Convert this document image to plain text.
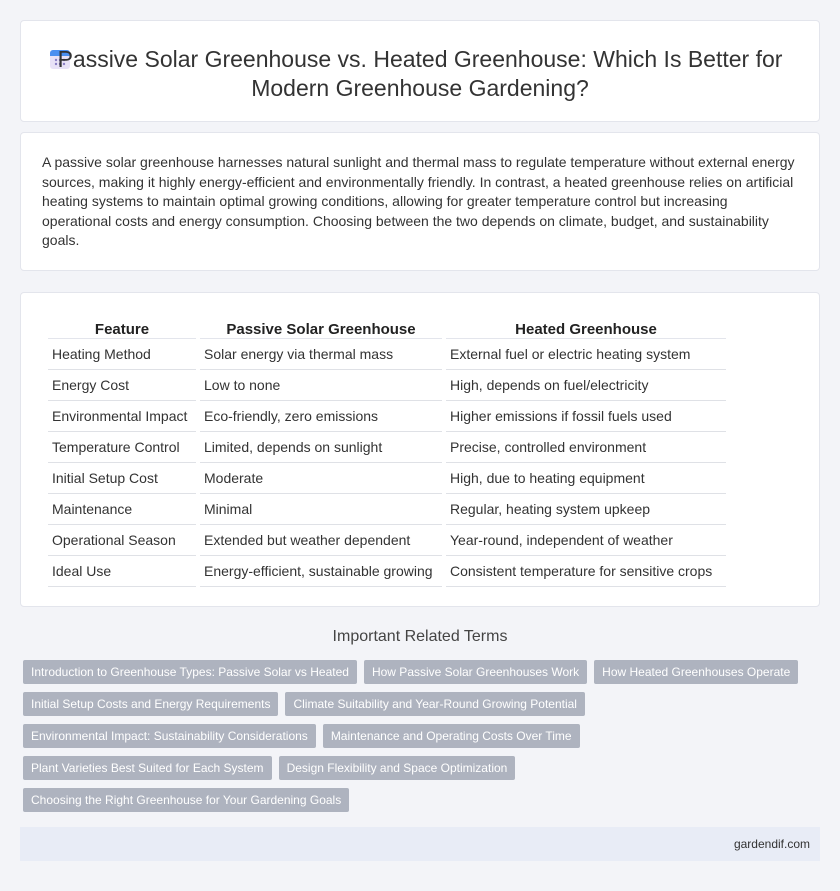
Passive Solar Greenhouse vs. Heated Greenhouse: Which Is Better for Modern Greenhouse Gardening?

A passive solar greenhouse harnesses natural sunlight and thermal mass to regulate temperature without external energy sources, making it highly energy-efficient and environmentally friendly. In contrast, a heated greenhouse relies on artificial heating systems to maintain optimal growing conditions, allowing for greater temperature control but increasing operational costs and energy consumption. Choosing between the two depends on climate, budget, and sustainability goals.

Feature	Passive Solar Greenhouse	Heated Greenhouse
Heating Method	Solar energy via thermal mass	External fuel or electric heating system
Energy Cost	Low to none	High, depends on fuel/electricity
Environmental Impact	Eco-friendly, zero emissions	Higher emissions if fossil fuels used
Temperature Control	Limited, depends on sunlight	Precise, controlled environment
Initial Setup Cost	Moderate	High, due to heating equipment
Maintenance	Minimal	Regular, heating system upkeep
Operational Season	Extended but weather dependent	Year-round, independent of weather
Ideal Use	Energy-efficient, sustainable growing	Consistent temperature for sensitive crops
Important Related Terms
Introduction to Greenhouse Types: Passive Solar vs Heated	How Passive Solar Greenhouses Work	How Heated Greenhouses Operate
Initial Setup Costs and Energy Requirements	Climate Suitability and Year-Round Growing Potential
Environmental Impact: Sustainability Considerations	Maintenance and Operating Costs Over Time
Plant Varieties Best Suited for Each System	Design Flexibility and Space Optimization
Choosing the Right Greenhouse for Your Gardening Goals
gardendif.com
